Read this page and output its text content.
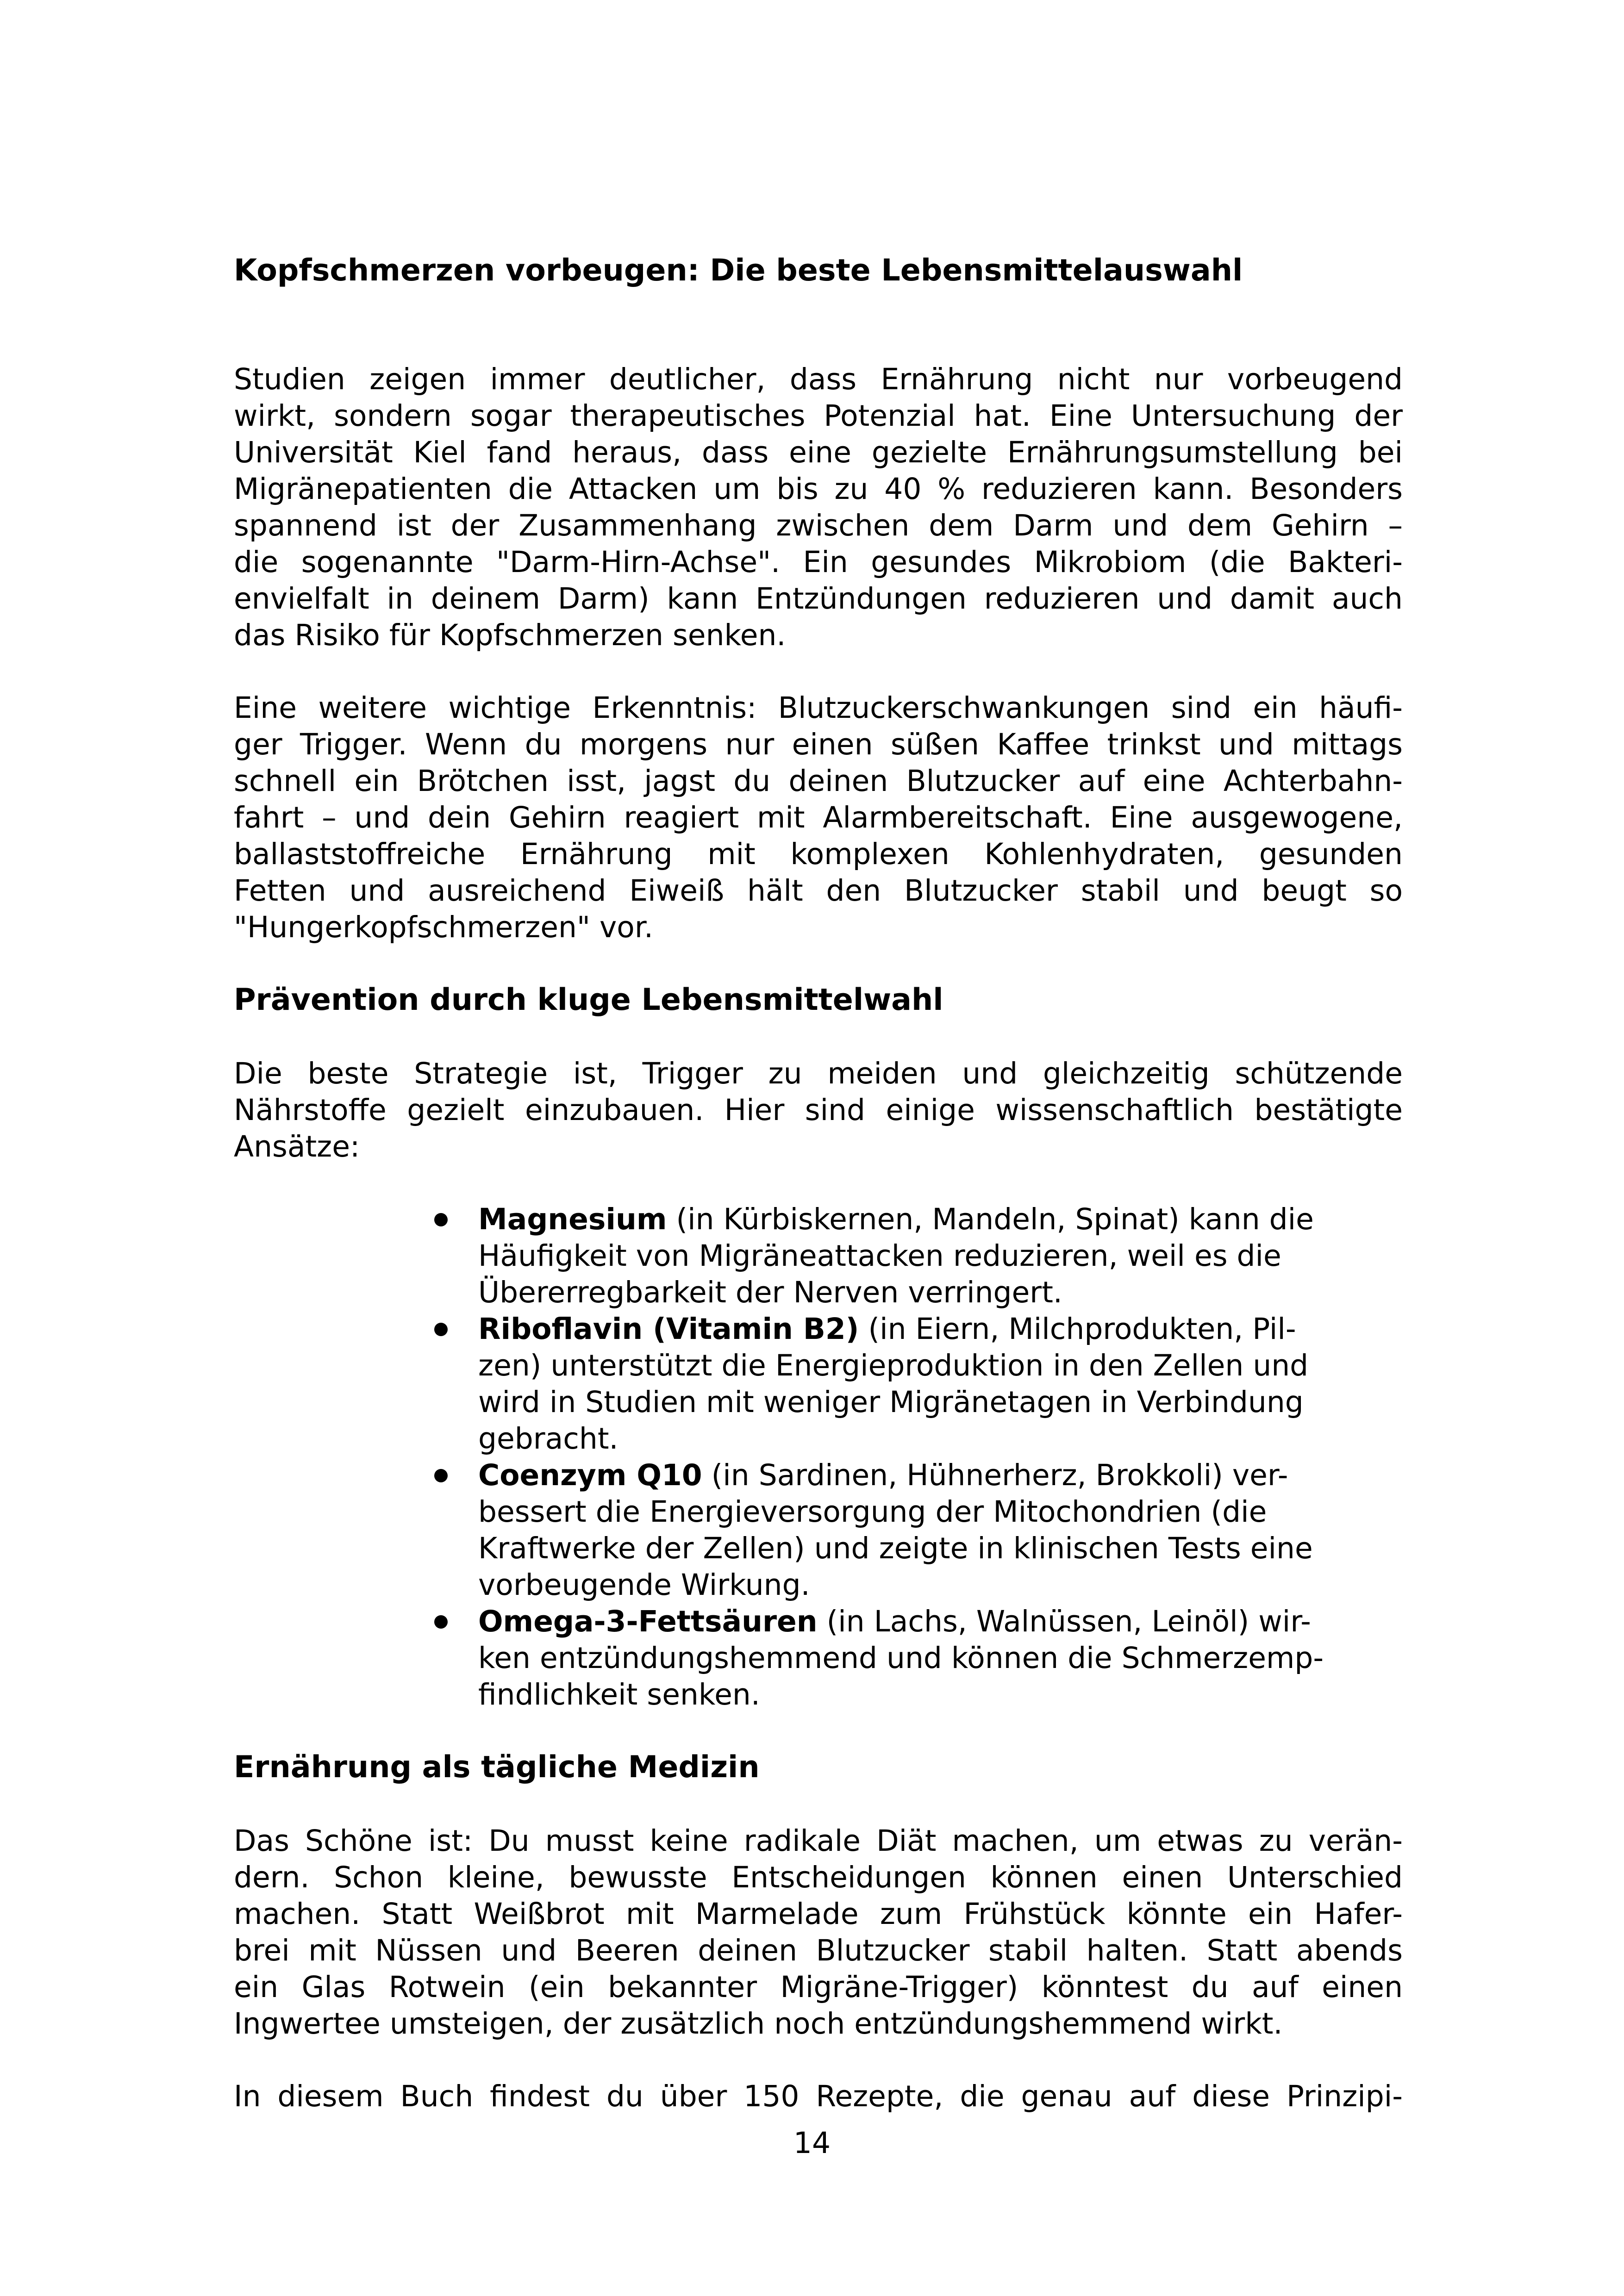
Kopfschmerzen vorbeugen: Die beste Lebensmittelauswahl

Studien zeigen immer deutlicher, dass Ernährung nicht nur vorbeugend

wirkt, sondern sogar therapeutisches Potenzial hat. Eine Untersuchung der

Universität Kiel fand heraus, dass eine gezielte Ernährungsumstellung bei

Migränepatienten die Attacken um bis zu 40 % reduzieren kann. Besonders

spannend ist der Zusammenhang zwischen dem Darm und dem Gehirn –

die sogenannte "Darm-Hirn-Achse". Ein gesundes Mikrobiom (die Bakteri-

envielfalt in deinem Darm) kann Entzündungen reduzieren und damit auch

das Risiko für Kopfschmerzen senken.

Eine weitere wichtige Erkenntnis: Blutzuckerschwankungen sind ein häufi-

ger Trigger. Wenn du morgens nur einen süßen Kaffee trinkst und mittags

schnell ein Brötchen isst, jagst du deinen Blutzucker auf eine Achterbahn-

fahrt – und dein Gehirn reagiert mit Alarmbereitschaft. Eine ausgewogene,

ballaststoffreiche Ernährung mit komplexen Kohlenhydraten, gesunden

Fetten und ausreichend Eiweiß hält den Blutzucker stabil und beugt so

"Hungerkopfschmerzen" vor.

Prävention durch kluge Lebensmittelwahl

Die beste Strategie ist, Trigger zu meiden und gleichzeitig schützende

Nährstoffe gezielt einzubauen. Hier sind einige wissenschaftlich bestätigte

Ansätze:

Magnesium (in Kürbiskernen, Mandeln, Spinat) kann die

Häufigkeit von Migräneattacken reduzieren, weil es die

Übererregbarkeit der Nerven verringert.

Riboflavin (Vitamin B2) (in Eiern, Milchprodukten, Pil-

zen) unterstützt die Energieproduktion in den Zellen und

wird in Studien mit weniger Migränetagen in Verbindung

gebracht.

Coenzym Q10 (in Sardinen, Hühnerherz, Brokkoli) ver-

bessert die Energieversorgung der Mitochondrien (die

Kraftwerke der Zellen) und zeigte in klinischen Tests eine

vorbeugende Wirkung.

Omega-3-Fettsäuren (in Lachs, Walnüssen, Leinöl) wir-

ken entzündungshemmend und können die Schmerzemp-

findlichkeit senken.

Ernährung als tägliche Medizin

Das Schöne ist: Du musst keine radikale Diät machen, um etwas zu verän-

dern. Schon kleine, bewusste Entscheidungen können einen Unterschied

machen. Statt Weißbrot mit Marmelade zum Frühstück könnte ein Hafer-

brei mit Nüssen und Beeren deinen Blutzucker stabil halten. Statt abends

ein Glas Rotwein (ein bekannter Migräne-Trigger) könntest du auf einen

Ingwertee umsteigen, der zusätzlich noch entzündungshemmend wirkt.

In diesem Buch findest du über 150 Rezepte, die genau auf diese Prinzipi-

14
